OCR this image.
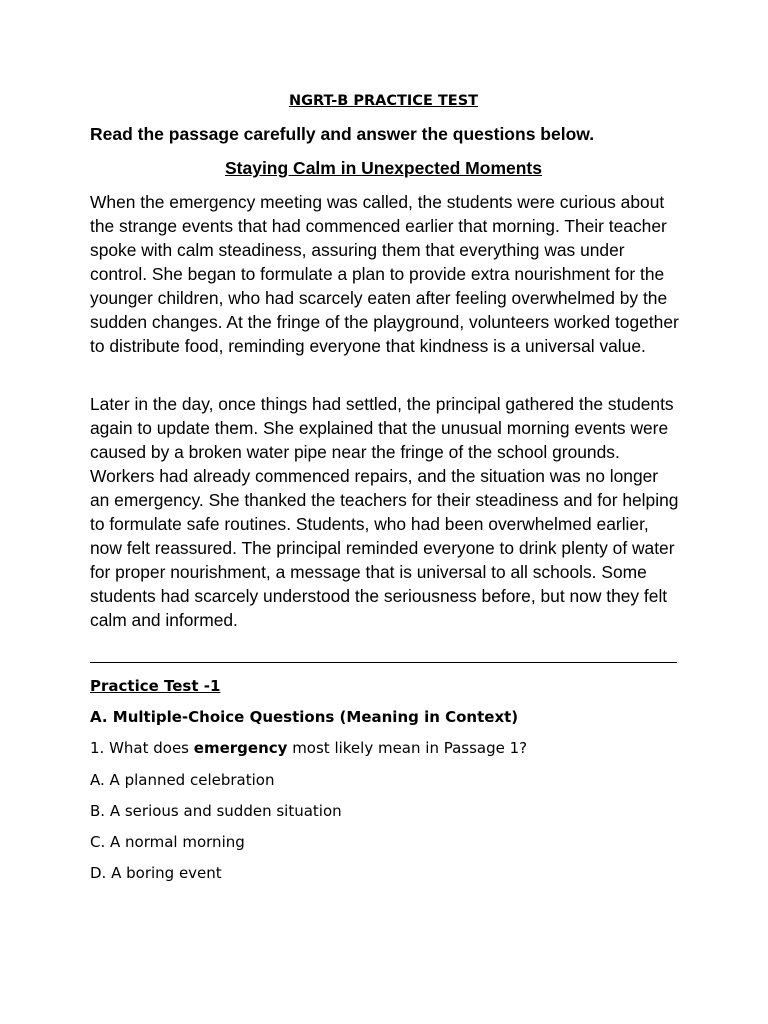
NGRT-B PRACTICE TEST
Read the passage carefully and answer the questions below.
Staying Calm in Unexpected Moments

When the emergency meeting was called, the students were curious about the strange events that had commenced earlier that morning. Their teacher spoke with calm steadiness, assuring them that everything was under control. She began to formulate a plan to provide extra nourishment for the younger children, who had scarcely eaten after feeling overwhelmed by the sudden changes. At the fringe of the playground, volunteers worked together to distribute food, reminding everyone that kindness is a universal value.

Later in the day, once things had settled, the principal gathered the students again to update them. She explained that the unusual morning events were caused by a broken water pipe near the fringe of the school grounds. Workers had already commenced repairs, and the situation was no longer an emergency. She thanked the teachers for their steadiness and for helping to formulate safe routines. Students, who had been overwhelmed earlier, now felt reassured. The principal reminded everyone to drink plenty of water for proper nourishment, a message that is universal to all schools. Some students had scarcely understood the seriousness before, but now they felt calm and informed.

Practice Test -1
A. Multiple-Choice Questions (Meaning in Context)
1. What does emergency most likely mean in Passage 1?
A. A planned celebration
B. A serious and sudden situation
C. A normal morning
D. A boring event
